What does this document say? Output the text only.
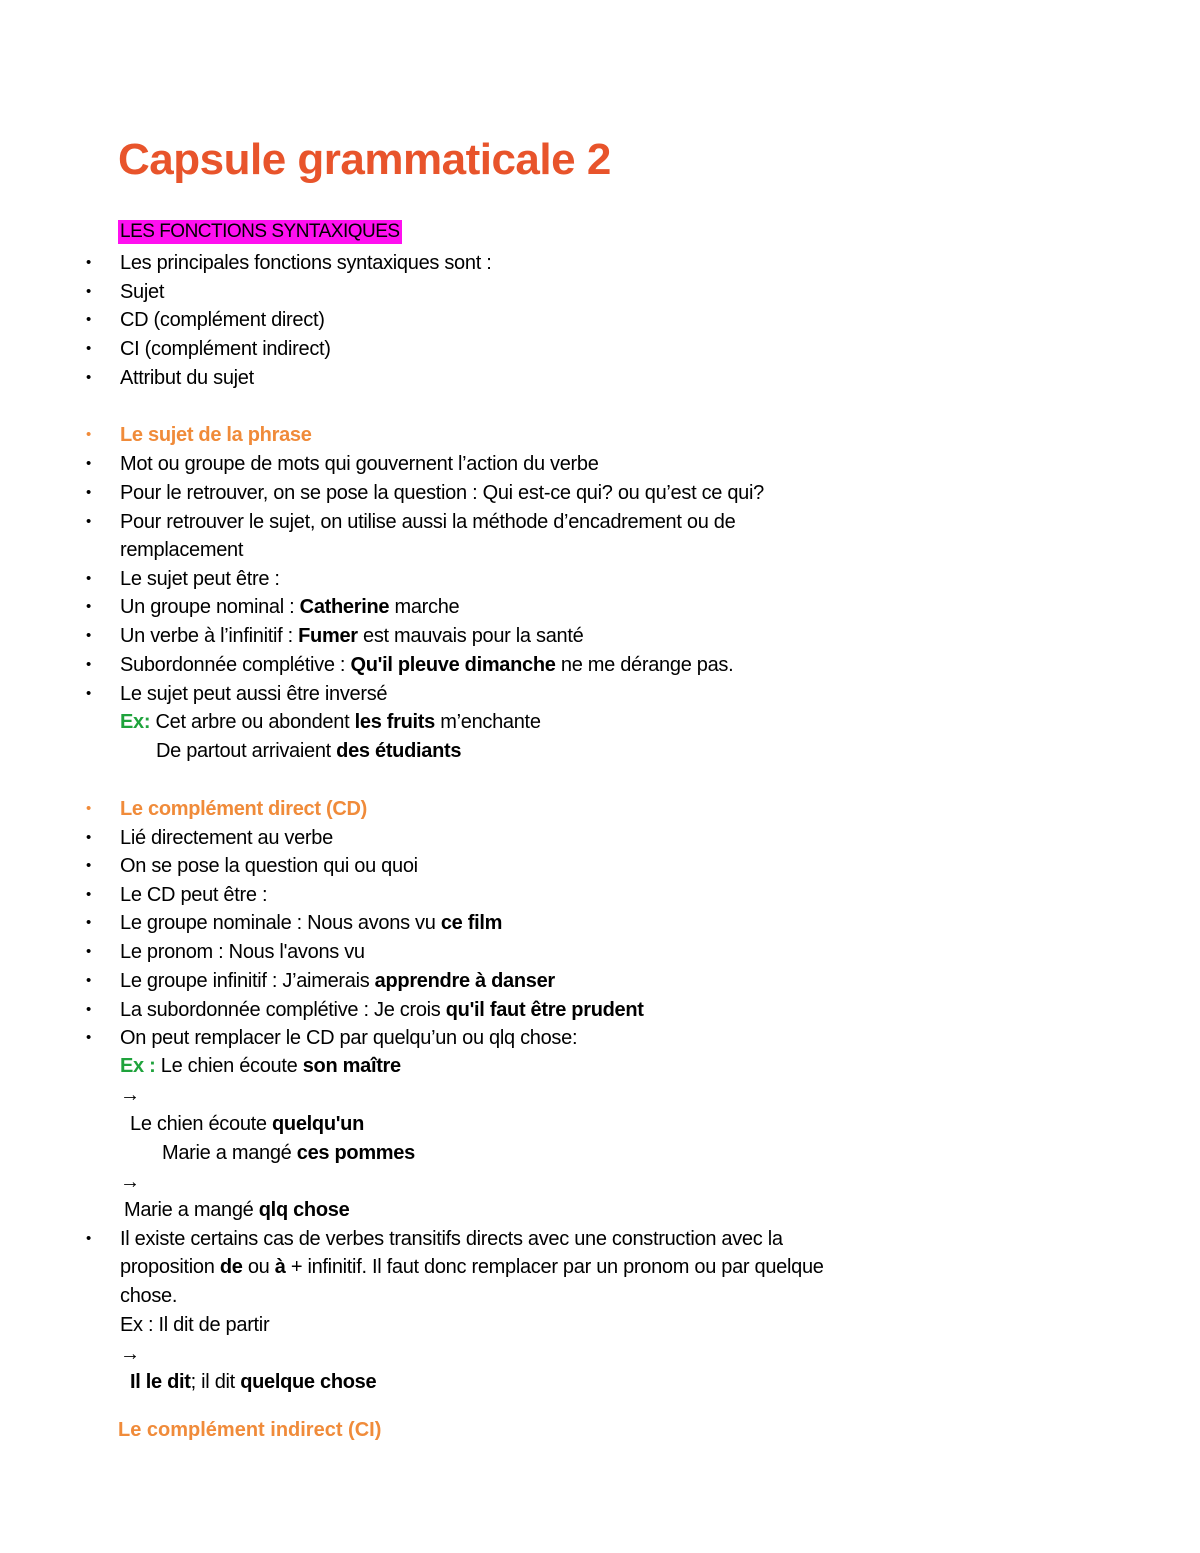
Capsule grammaticale 2
LES FONCTIONS SYNTAXIQUES
• Les principales fonctions syntaxiques sont :
• Sujet
• CD (complément direct)
• CI (complément indirect)
• Attribut du sujet
• Le sujet de la phrase
• Mot ou groupe de mots qui gouvernent l’action du verbe
• Pour le retrouver, on se pose la question : Qui est-ce qui? ou qu’est ce qui?
• Pour retrouver le sujet, on utilise aussi la méthode d’encadrement ou de
remplacement
• Le sujet peut être :
• Un groupe nominal : Catherine marche
• Un verbe à l’infinitif : Fumer est mauvais pour la santé
• Subordonnée complétive : Qu'il pleuve dimanche ne me dérange pas.
• Le sujet peut aussi être inversé
Ex: Cet arbre ou abondent les fruits m’enchante
De partout arrivaient des étudiants
• Le complément direct (CD)
• Lié directement au verbe
• On se pose la question qui ou quoi
• Le CD peut être :
• Le groupe nominale : Nous avons vu ce film
• Le pronom : Nous l'avons vu
• Le groupe infinitif : J’aimerais apprendre à danser
• La subordonnée complétive : Je crois qu'il faut être prudent
• On peut remplacer le CD par quelqu’un ou qlq chose:
Ex : Le chien écoute son maître
→
Le chien écoute quelqu'un
Marie a mangé ces pommes
→
Marie a mangé qlq chose
• Il existe certains cas de verbes transitifs directs avec une construction avec la
proposition de ou à + infinitif. Il faut donc remplacer par un pronom ou par quelque
chose.
Ex : Il dit de partir
→
Il le dit; il dit quelque chose
Le complément indirect (CI)
